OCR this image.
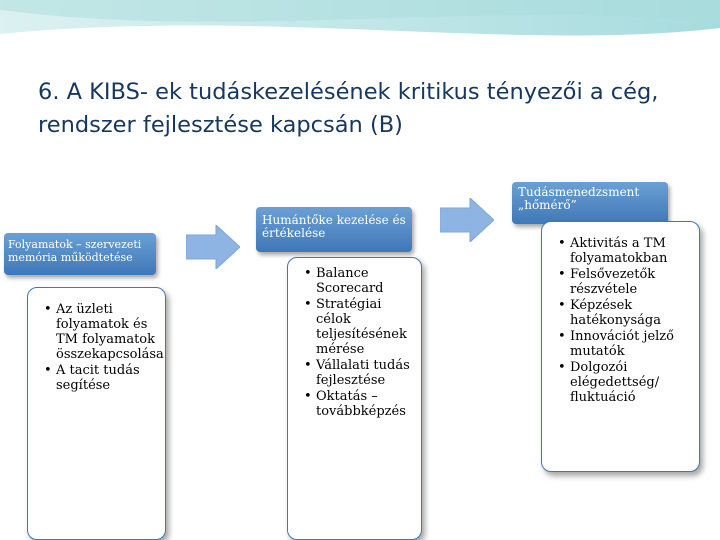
6. A KIBS- ek tudáskezelésének kritikus tényezői a cég, rendszer fejlesztése kapcsán (B)
Folyamatok – szervezeti memória működtetése
• Az üzleti folyamatok és TM folyamatok összekapcsolása
• A tacit tudás segítése
Humántőke kezelése és értékelése
• Balance Scorecard
• Stratégiai célok teljesítésének mérése
• Vállalati tudás fejlesztése
• Oktatás – továbbképzés
Tudásmenedzsment „hőmérő”
• Aktivitás a TM folyamatokban
• Felsővezetők részvétele
• Képzések hatékonysága
• Innovációt jelző mutatók
• Dolgozói elégedettség/ fluktuáció
